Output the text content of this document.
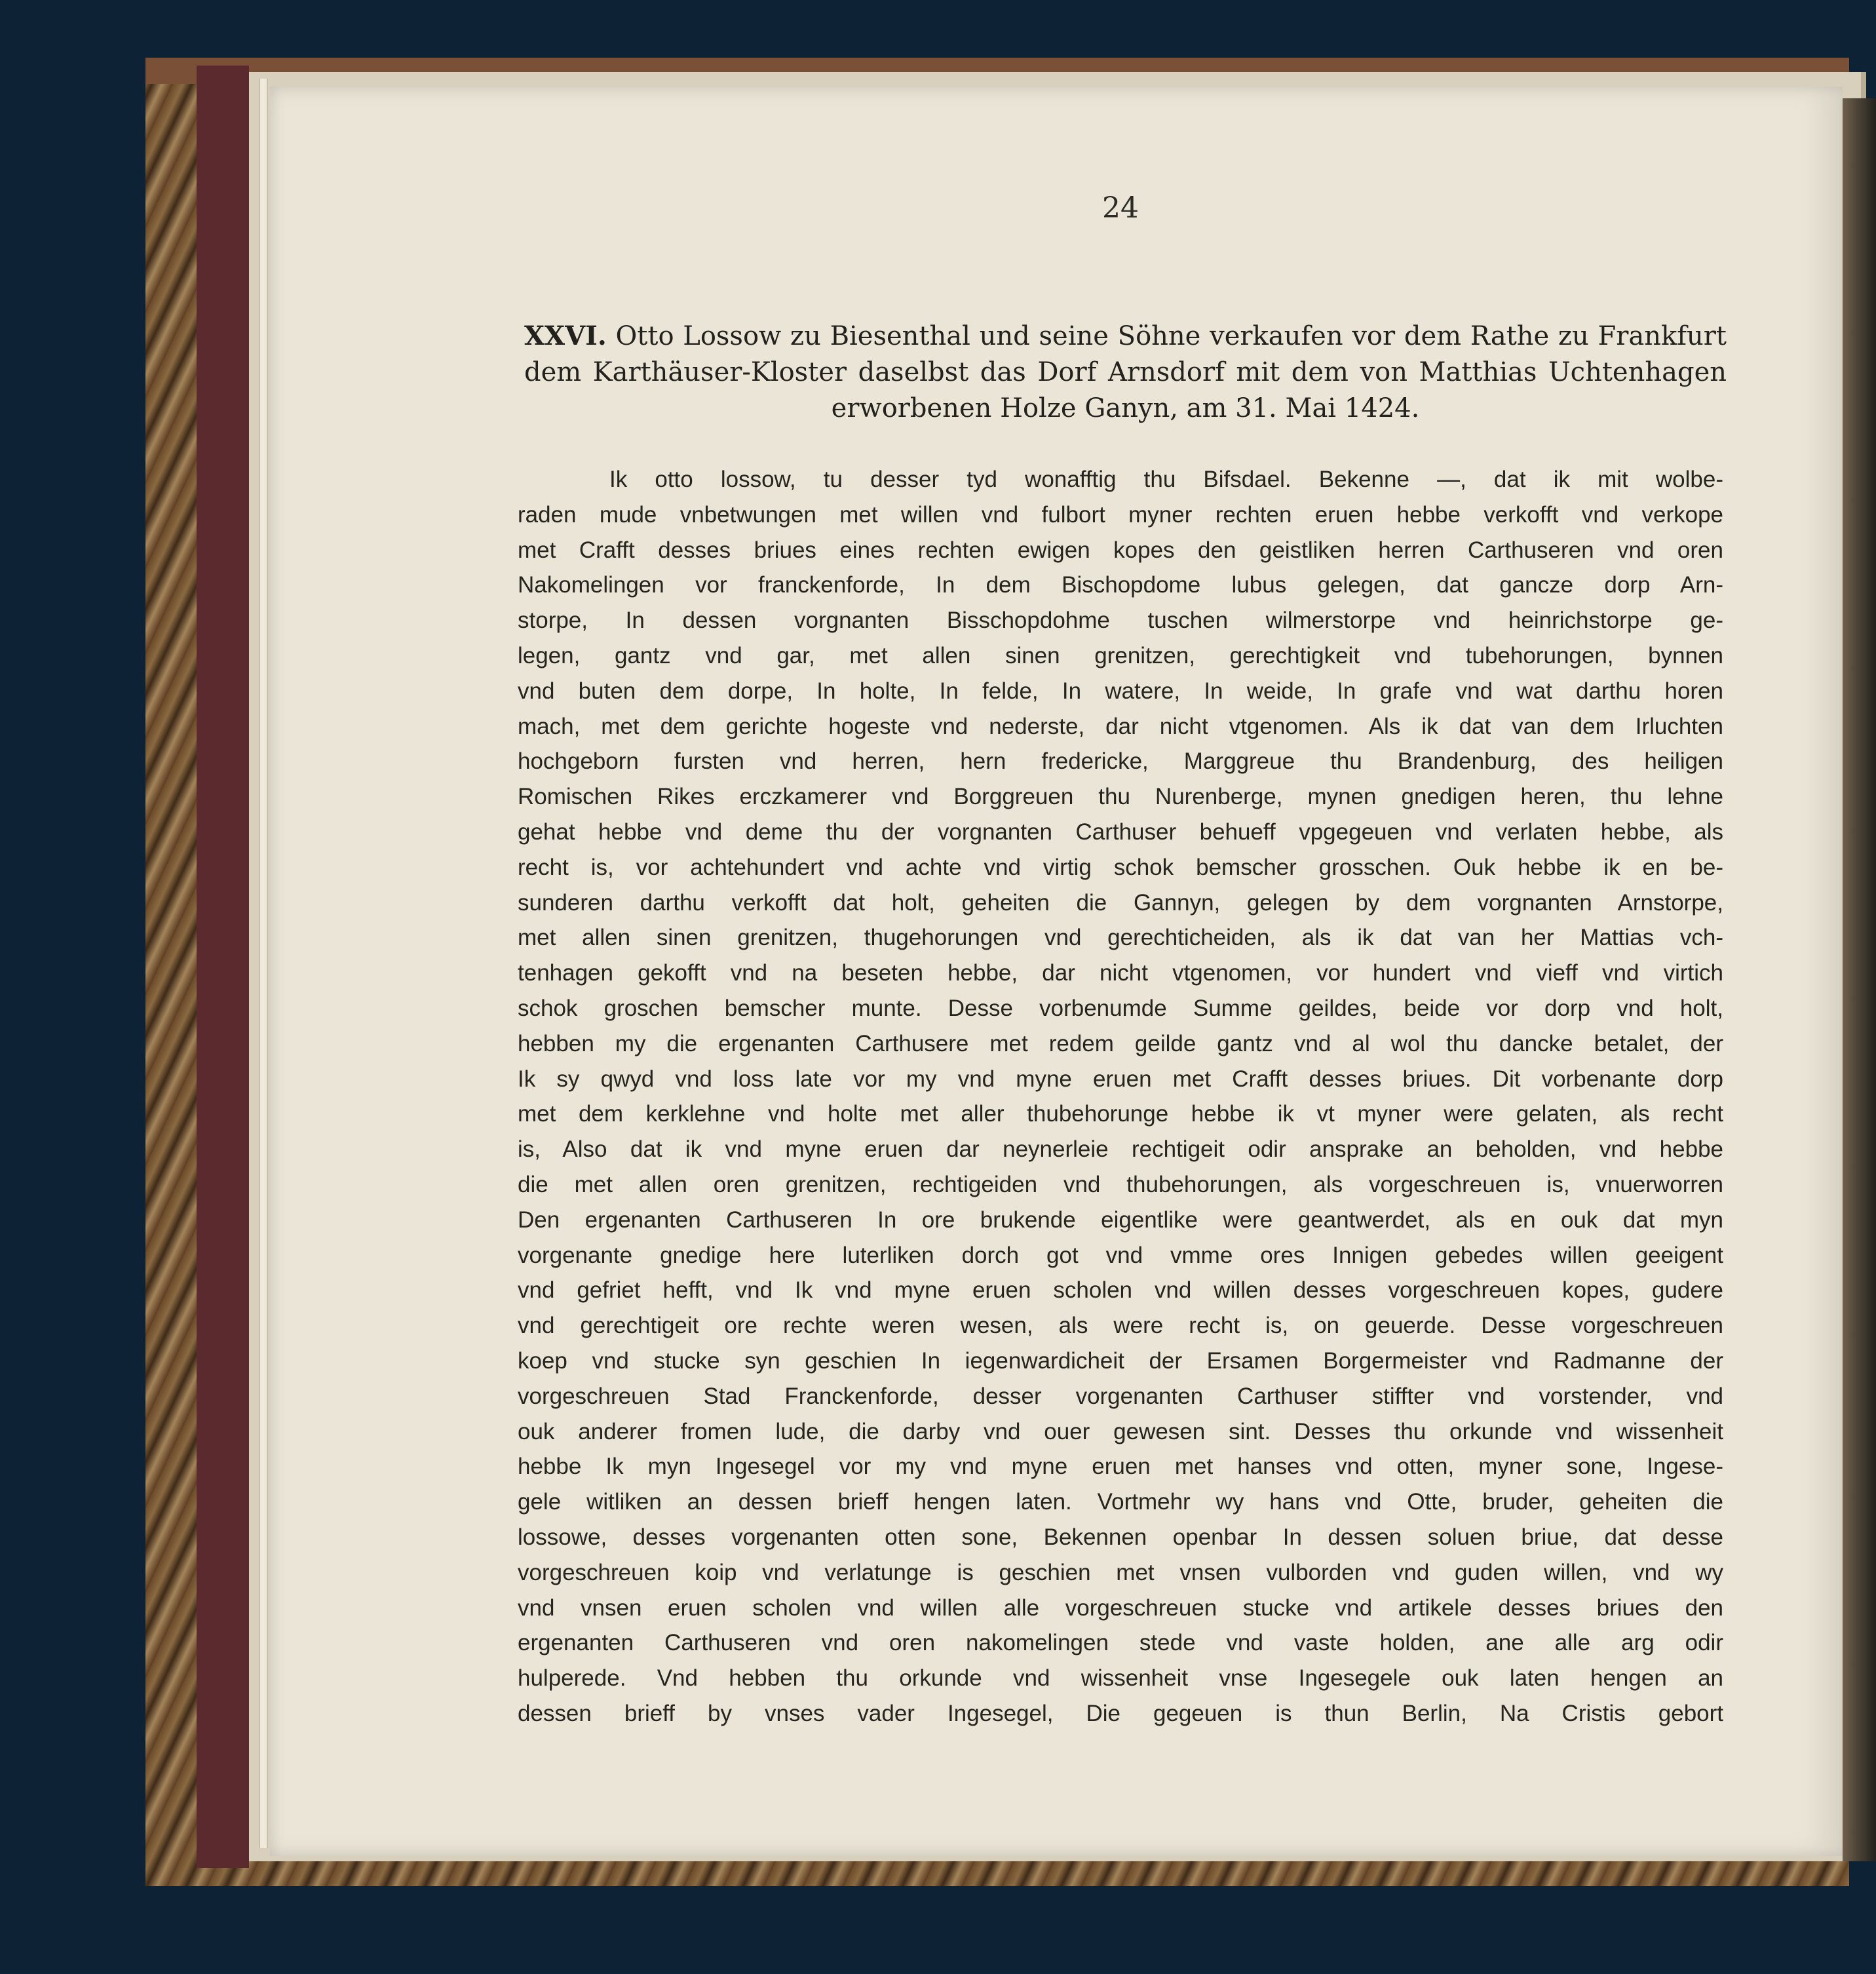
24
XXVI. Otto Lossow zu Biesenthal und seine Söhne verkaufen vor dem Rathe zu Frankfurt
dem Karthäuser-Kloster daselbst das Dorf Arnsdorf mit dem von Matthias Uchtenhagen
erworbenen Holze Ganyn, am 31. Mai 1424.
Ik otto lossow, tu desser tyd wonafftig thu Bifsdael. Bekenne —, dat ik mit wolbe-
raden mude vnbetwungen met willen vnd fulbort myner rechten eruen hebbe verkofft vnd verkope
met Crafft desses briues eines rechten ewigen kopes den geistliken herren Carthuseren vnd oren
Nakomelingen vor franckenforde, In dem Bischopdome lubus gelegen, dat gancze dorp Arn-
storpe, In dessen vorgnanten Bisschopdohme tuschen wilmerstorpe vnd heinrichstorpe ge-
legen, gantz vnd gar, met allen sinen grenitzen, gerechtigkeit vnd tubehorungen, bynnen
vnd buten dem dorpe, In holte, In felde, In watere, In weide, In grafe vnd wat darthu horen
mach, met dem gerichte hogeste vnd nederste, dar nicht vtgenomen. Als ik dat van dem Irluchten
hochgeborn fursten vnd herren, hern fredericke, Marggreue thu Brandenburg, des heiligen
Romischen Rikes erczkamerer vnd Borggreuen thu Nurenberge, mynen gnedigen heren, thu lehne
gehat hebbe vnd deme thu der vorgnanten Carthuser behueff vpgegeuen vnd verlaten hebbe, als
recht is, vor achtehundert vnd achte vnd virtig schok bemscher grosschen. Ouk hebbe ik en be-
sunderen darthu verkofft dat holt, geheiten die Gannyn, gelegen by dem vorgnanten Arnstorpe,
met allen sinen grenitzen, thugehorungen vnd gerechticheiden, als ik dat van her Mattias vch-
tenhagen gekofft vnd na beseten hebbe, dar nicht vtgenomen, vor hundert vnd vieff vnd virtich
schok groschen bemscher munte. Desse vorbenumde Summe geildes, beide vor dorp vnd holt,
hebben my die ergenanten Carthusere met redem geilde gantz vnd al wol thu dancke betalet, der
Ik sy qwyd vnd loss late vor my vnd myne eruen met Crafft desses briues. Dit vorbenante dorp
met dem kerklehne vnd holte met aller thubehorunge hebbe ik vt myner were gelaten, als recht
is, Also dat ik vnd myne eruen dar neynerleie rechtigeit odir ansprake an beholden, vnd hebbe
die met allen oren grenitzen, rechtigeiden vnd thubehorungen, als vorgeschreuen is, vnuerworren
Den ergenanten Carthuseren In ore brukende eigentlike were geantwerdet, als en ouk dat myn
vorgenante gnedige here luterliken dorch got vnd vmme ores Innigen gebedes willen geeigent
vnd gefriet hefft, vnd Ik vnd myne eruen scholen vnd willen desses vorgeschreuen kopes, gudere
vnd gerechtigeit ore rechte weren wesen, als were recht is, on geuerde. Desse vorgeschreuen
koep vnd stucke syn geschien In iegenwardicheit der Ersamen Borgermeister vnd Radmanne der
vorgeschreuen Stad Franckenforde, desser vorgenanten Carthuser stiffter vnd vorstender, vnd
ouk anderer fromen lude, die darby vnd ouer gewesen sint. Desses thu orkunde vnd wissenheit
hebbe Ik myn Ingesegel vor my vnd myne eruen met hanses vnd otten, myner sone, Ingese-
gele witliken an dessen brieff hengen laten. Vortmehr wy hans vnd Otte, bruder, geheiten die
lossowe, desses vorgenanten otten sone, Bekennen openbar In dessen soluen briue, dat desse
vorgeschreuen koip vnd verlatunge is geschien met vnsen vulborden vnd guden willen, vnd wy
vnd vnsen eruen scholen vnd willen alle vorgeschreuen stucke vnd artikele desses briues den
ergenanten Carthuseren vnd oren nakomelingen stede vnd vaste holden, ane alle arg odir
hulperede. Vnd hebben thu orkunde vnd wissenheit vnse Ingesegele ouk laten hengen an
dessen brieff by vnses vader Ingesegel, Die gegeuen is thun Berlin, Na Cristis gebort
